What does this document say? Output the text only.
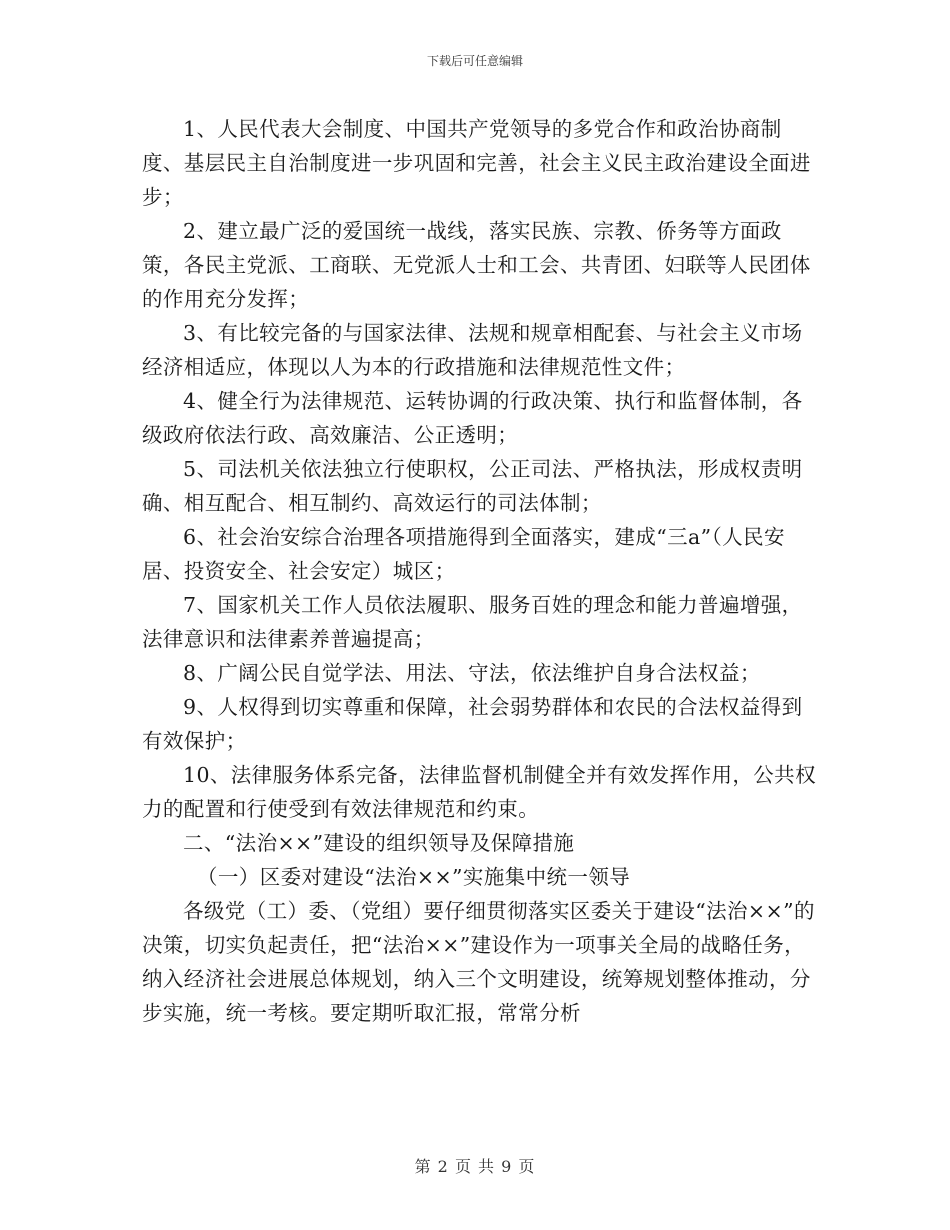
下载后可任意编辑

1、人民代表大会制度、中国共产党领导的多党合作和政治协商制度、基层民主自治制度进一步巩固和完善，社会主义民主政治建设全面进步；

2、建立最广泛的爱国统一战线，落实民族、宗教、侨务等方面政策，各民主党派、工商联、无党派人士和工会、共青团、妇联等人民团体的作用充分发挥；

3、有比较完备的与国家法律、法规和规章相配套、与社会主义市场经济相适应，体现以人为本的行政措施和法律规范性文件；

4、健全行为法律规范、运转协调的行政决策、执行和监督体制，各级政府依法行政、高效廉洁、公正透明；

5、司法机关依法独立行使职权，公正司法、严格执法，形成权责明确、相互配合、相互制约、高效运行的司法体制；

6、社会治安综合治理各项措施得到全面落实，建成“三a”（人民安居、投资安全、社会安定）城区；

7、国家机关工作人员依法履职、服务百姓的理念和能力普遍增强，法律意识和法律素养普遍提高；

8、广阔公民自觉学法、用法、守法，依法维护自身合法权益；

9、人权得到切实尊重和保障，社会弱势群体和农民的合法权益得到有效保护；

10、法律服务体系完备，法律监督机制健全并有效发挥作用，公共权力的配置和行使受到有效法律规范和约束。

二、“法治××”建设的组织领导及保障措施

（一）区委对建设“法治××”实施集中统一领导

各级党（工）委、（党组）要仔细贯彻落实区委关于建设“法治××”的决策，切实负起责任，把“法治××”建设作为一项事关全局的战略任务，纳入经济社会进展总体规划，纳入三个文明建设，统筹规划整体推动，分步实施，统一考核。要定期听取汇报，常常分析

第 2 页 共 9 页
